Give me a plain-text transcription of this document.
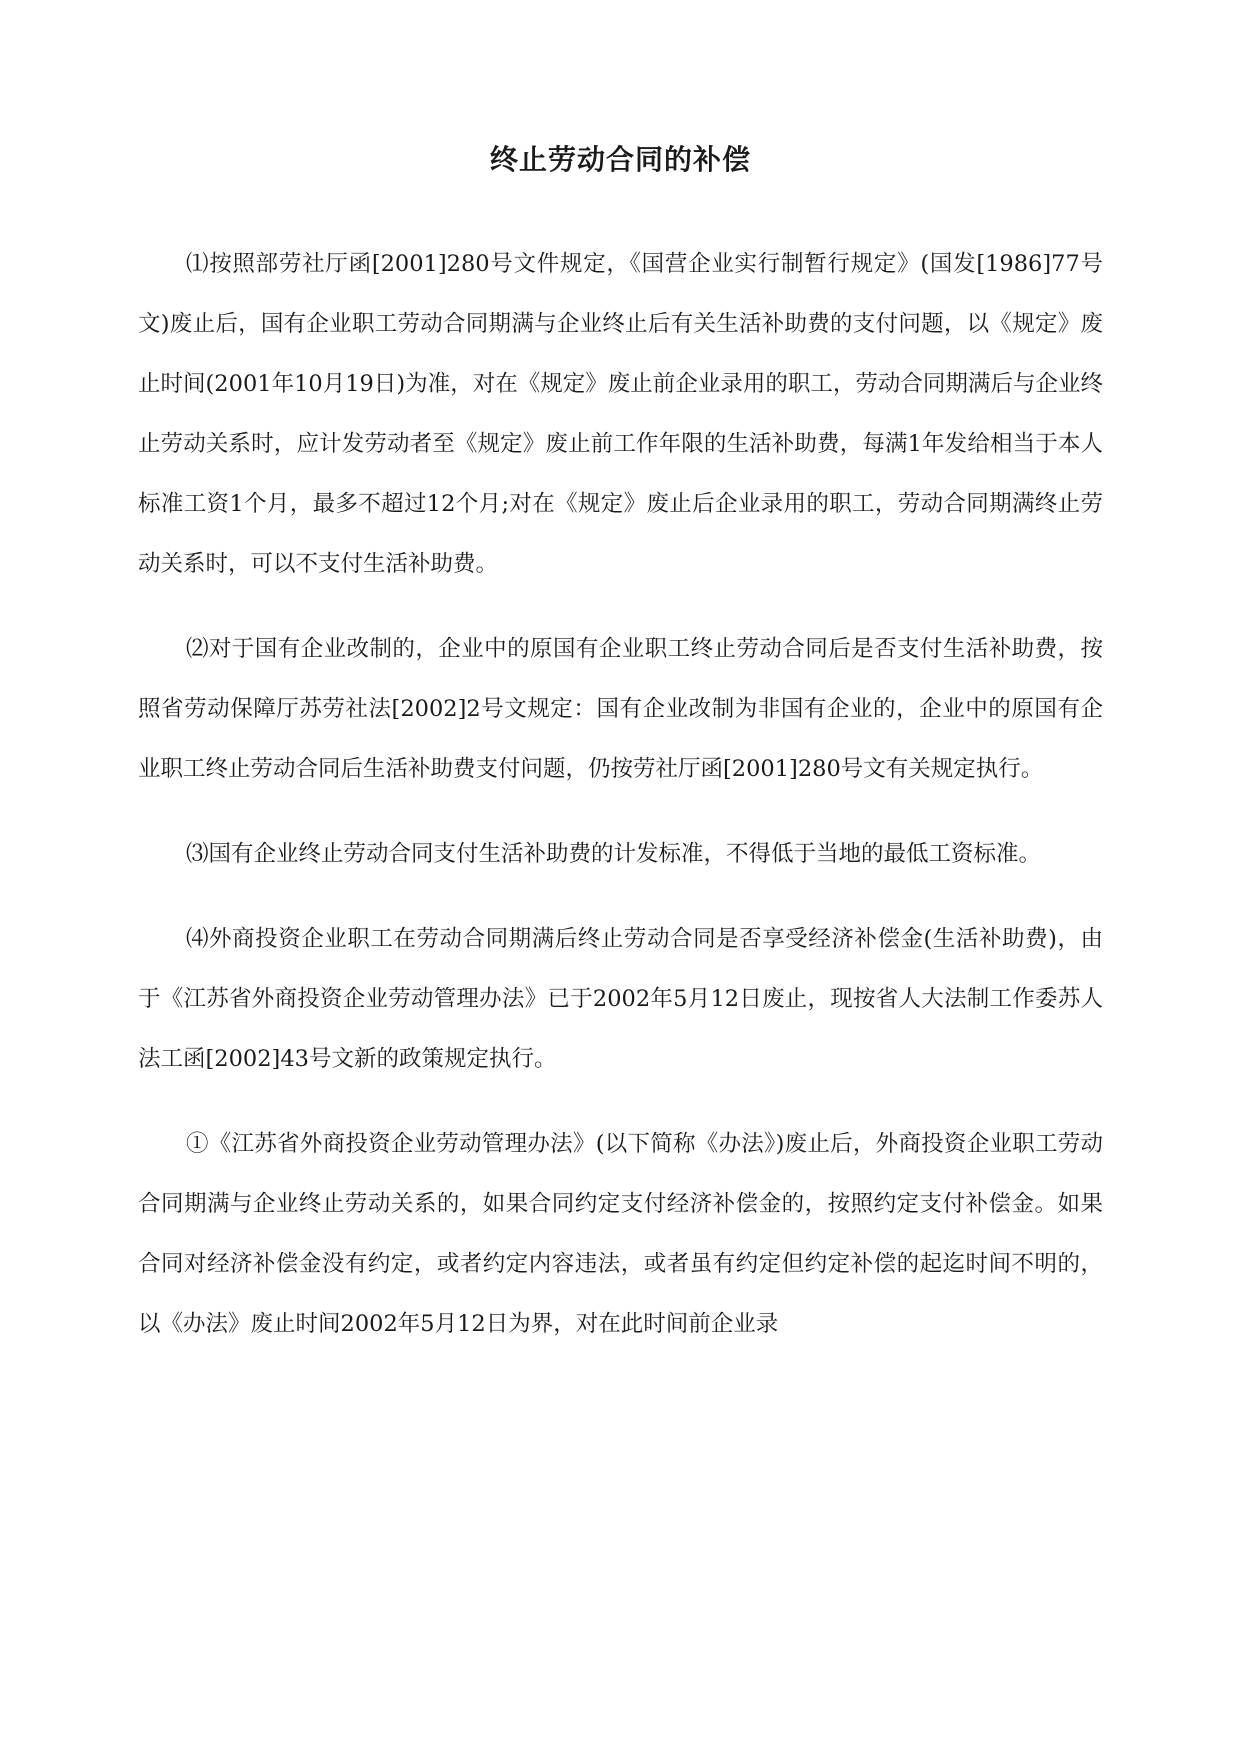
终止劳动合同的补偿

⑴按照部劳社厅函[2001]280号文件规定，《国营企业实行制暂行规定》(国发[1986]77号文)废止后，国有企业职工劳动合同期满与企业终止后有关生活补助费的支付问题，以《规定》废止时间(2001年10月19日)为准，对在《规定》废止前企业录用的职工，劳动合同期满后与企业终止劳动关系时，应计发劳动者至《规定》废止前工作年限的生活补助费，每满1年发给相当于本人标准工资1个月，最多不超过12个月;对在《规定》废止后企业录用的职工，劳动合同期满终止劳动关系时，可以不支付生活补助费。

⑵对于国有企业改制的，企业中的原国有企业职工终止劳动合同后是否支付生活补助费，按照省劳动保障厅苏劳社法[2002]2号文规定：国有企业改制为非国有企业的，企业中的原国有企业职工终止劳动合同后生活补助费支付问题，仍按劳社厅函[2001]280号文有关规定执行。

⑶国有企业终止劳动合同支付生活补助费的计发标准，不得低于当地的最低工资标准。

⑷外商投资企业职工在劳动合同期满后终止劳动合同是否享受经济补偿金(生活补助费)，由于《江苏省外商投资企业劳动管理办法》已于2002年5月12日废止，现按省人大法制工作委苏人法工函[2002]43号文新的政策规定执行。

①《江苏省外商投资企业劳动管理办法》(以下简称《办法》)废止后，外商投资企业职工劳动合同期满与企业终止劳动关系的，如果合同约定支付经济补偿金的，按照约定支付补偿金。如果合同对经济补偿金没有约定，或者约定内容违法，或者虽有约定但约定补偿的起迄时间不明的，以《办法》废止时间2002年5月12日为界，对在此时间前企业录
